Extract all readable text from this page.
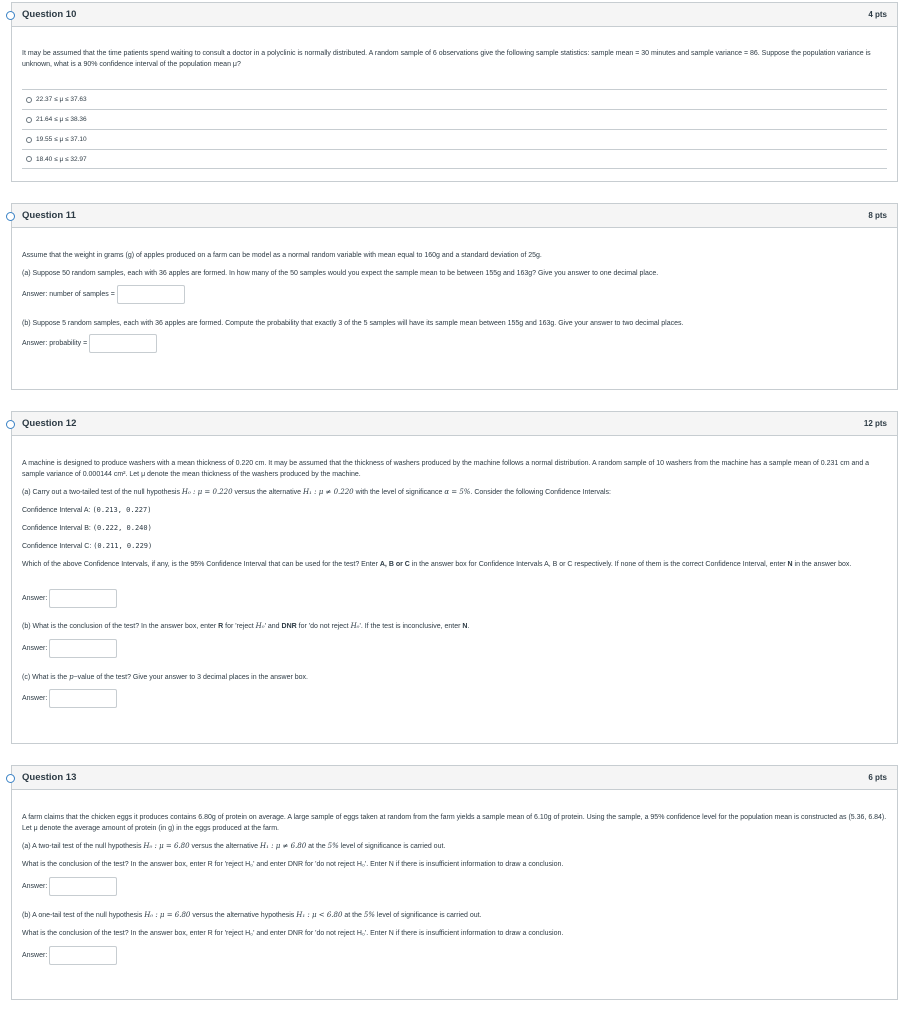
Question 10	4 pts
It may be assumed that the time patients spend waiting to consult a doctor in a polyclinic is normally distributed. A random sample of 6 observations give the following sample statistics: sample mean = 30 minutes and sample variance = 86. Suppose the population variance is unknown, what is a 90% confidence interval of the population mean μ?
22.37 ≤ μ ≤ 37.63
21.64 ≤ μ ≤ 38.36
19.55 ≤ μ ≤ 37.10
18.40 ≤ μ ≤ 32.97
Question 11	8 pts
Assume that the weight in grams (g) of apples produced on a farm can be model as a normal random variable with mean equal to 160g and a standard deviation of 25g.
(a) Suppose 50 random samples, each with 36 apples are formed. In how many of the 50 samples would you expect the sample mean to be between 155g and 163g? Give you answer to one decimal place.
Answer: number of samples =
(b) Suppose 5 random samples, each with 36 apples are formed. Compute the probability that exactly 3 of the 5 samples will have its sample mean between 155g and 163g. Give your answer to two decimal places.
Answer: probability =
Question 12	12 pts
A machine is designed to produce washers with a mean thickness of 0.220 cm. It may be assumed that the thickness of washers produced by the machine follows a normal distribution. A random sample of 10 washers from the machine has a sample mean of 0.231 cm and a sample variance of 0.000144 cm². Let μ denote the mean thickness of the washers produced by the machine.
(a) Carry out a two-tailed test of the null hypothesis H₀ : μ = 0.220 versus the alternative H₁ : μ ≠ 0.220 with the level of significance α = 5%. Consider the following Confidence Intervals:
Confidence Interval A: (0.213, 0.227)
Confidence Interval B: (0.222, 0.240)
Confidence Interval C: (0.211, 0.229)
Which of the above Confidence Intervals, if any, is the 95% Confidence Interval that can be used for the test? Enter A, B or C in the answer box for Confidence Intervals A, B or C respectively. If none of them is the correct Confidence Interval, enter N in the answer box.
Answer:
(b) What is the conclusion of the test? In the answer box, enter R for 'reject H₀' and DNR for 'do not reject H₀'. If the test is inconclusive, enter N.
Answer:
(c) What is the p−value of the test? Give your answer to 3 decimal places in the answer box.
Answer:
Question 13	6 pts
A farm claims that the chicken eggs it produces contains 6.80g of protein on average. A large sample of eggs taken at random from the farm yields a sample mean of 6.10g of protein. Using the sample, a 95% confidence level for the population mean is constructed as (5.36, 6.84). Let μ denote the average amount of protein (in g) in the eggs produced at the farm.
(a) A two-tail test of the null hypothesis H₀ : μ = 6.80 versus the alternative H₁ : μ ≠ 6.80 at the 5% level of significance is carried out.
What is the conclusion of the test? In the answer box, enter R for 'reject H₀' and enter DNR for 'do not reject H₀'. Enter N if there is insufficient information to draw a conclusion.
Answer:
(b) A one-tail test of the null hypothesis H₀ : μ = 6.80 versus the alternative hypothesis H₁ : μ < 6.80 at the 5% level of significance is carried out.
What is the conclusion of the test? In the answer box, enter R for 'reject H₀' and enter DNR for 'do not reject H₀'. Enter N if there is insufficient information to draw a conclusion.
Answer:
